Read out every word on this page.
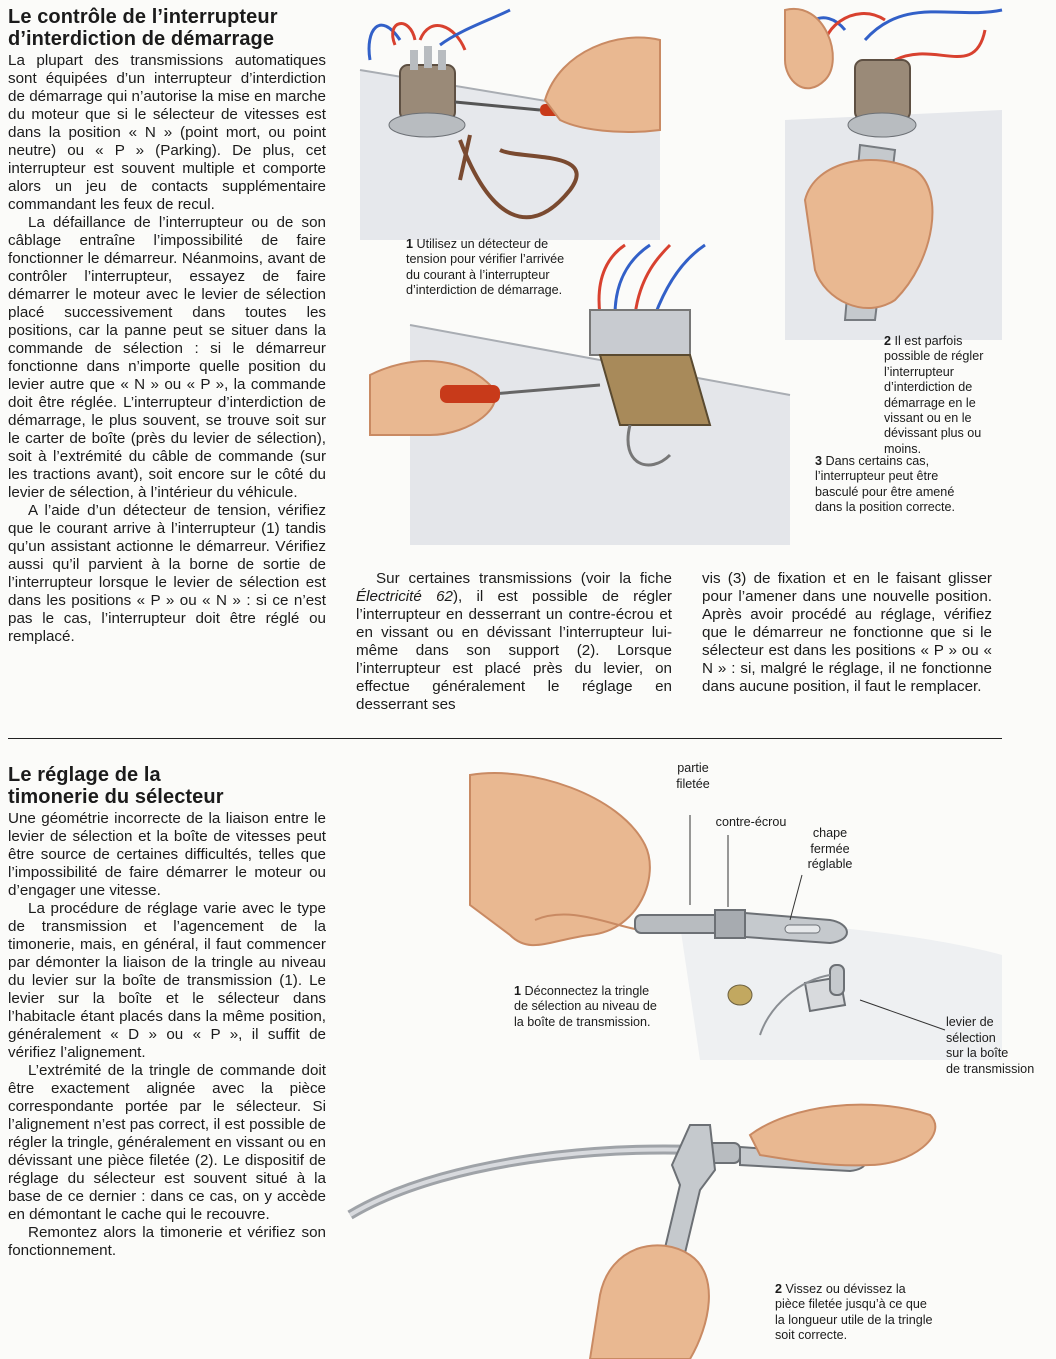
Le contrôle de l’interrupteur
d’interdiction de démarrage

La plupart des transmissions automatiques sont équipées d’un interrupteur d’interdiction de démarrage qui n’autorise la mise en marche du moteur que si le sélecteur de vitesses est dans la position « N » (point mort, ou point neutre) ou « P » (Parking). De plus, cet interrupteur est souvent multiple et comporte alors un jeu de contacts supplémentaire commandant les feux de recul.

La défaillance de l’interrupteur ou de son câblage entraîne l’impossibilité de faire fonctionner le démarreur. Néanmoins, avant de contrôler l’interrupteur, essayez de faire démarrer le moteur avec le levier de sélection placé successivement dans toutes les positions, car la panne peut se situer dans la commande de sélection : si le démarreur fonctionne dans n’importe quelle position du levier autre que « N » ou « P », la commande doit être réglée. L’interrupteur d’interdiction de démarrage, le plus souvent, se trouve soit sur le carter de boîte (près du levier de sélection), soit à l’extrémité du câble de commande (sur les tractions avant), soit encore sur le côté du levier de sélection, à l’intérieur du véhicule.

A l’aide d’un détecteur de tension, vérifiez que le courant arrive à l’interrupteur (1) tandis qu’un assistant actionne le démarreur. Vérifiez aussi qu’il parvient à la borne de sortie de l’interrupteur lorsque le levier de sélection est dans les positions « P » ou « N » : si ce n’est pas le cas, l’interrupteur doit être réglé ou remplacé.

Sur certaines transmissions (voir la fiche Électricité 62), il est possible de régler l’interrupteur en desserrant un contre-écrou et en vissant ou en dévissant l’interrupteur lui-même dans son support (2). Lorsque l’interrupteur est placé près du levier, on effectue généralement le réglage en desserrant ses

vis (3) de fixation et en le faisant glisser pour l’amener dans une nouvelle position. Après avoir procédé au réglage, vérifiez que le démarreur ne fonctionne que si le sélecteur est dans les positions « P » ou « N » : si, malgré le réglage, il ne fonctionne dans aucune position, il faut le remplacer.

1 Utilisez un détecteur de tension pour vérifier l’arrivée du courant à l’interrupteur d’interdiction de démarrage.

2 Il est parfois possible de régler l’interrupteur d’interdiction de démarrage en le vissant ou en le dévissant plus ou moins.

3 Dans certains cas, l’interrupteur peut être basculé pour être amené dans la position correcte.

Le réglage de la
timonerie du sélecteur

Une géométrie incorrecte de la liaison entre le levier de sélection et la boîte de vitesses peut être source de certaines difficultés, telles que l’impossibilité de faire démarrer le moteur ou d’engager une vitesse.

La procédure de réglage varie avec le type de transmission et l’agencement de la timonerie, mais, en général, il faut commencer par démonter la liaison de la tringle au niveau du levier sur la boîte de transmission (1). Le levier sur la boîte et le sélecteur dans l’habitacle étant placés dans la même position, généralement « D » ou « P », il suffit de vérifiez l’alignement.

L’extrémité de la tringle de commande doit être exactement alignée avec la pièce correspondante portée par le sélecteur. Si l’alignement n’est pas correct, il est possible de régler la tringle, généralement en vissant ou en dévissant une pièce filetée (2). Le dispositif de réglage du sélecteur est souvent situé à la base de ce dernier : dans ce cas, on y accède en démontant le cache qui le recouvre.

Remontez alors la timonerie et vérifiez son fonctionnement.

partie
filetée
contre-écrou
chape
fermée
réglable
levier de
sélection
sur la boîte
de transmission

1 Déconnectez la tringle de sélection au niveau de la boîte de transmission.

2 Vissez ou dévissez la pièce filetée jusqu’à ce que la longueur utile de la tringle soit correcte.
